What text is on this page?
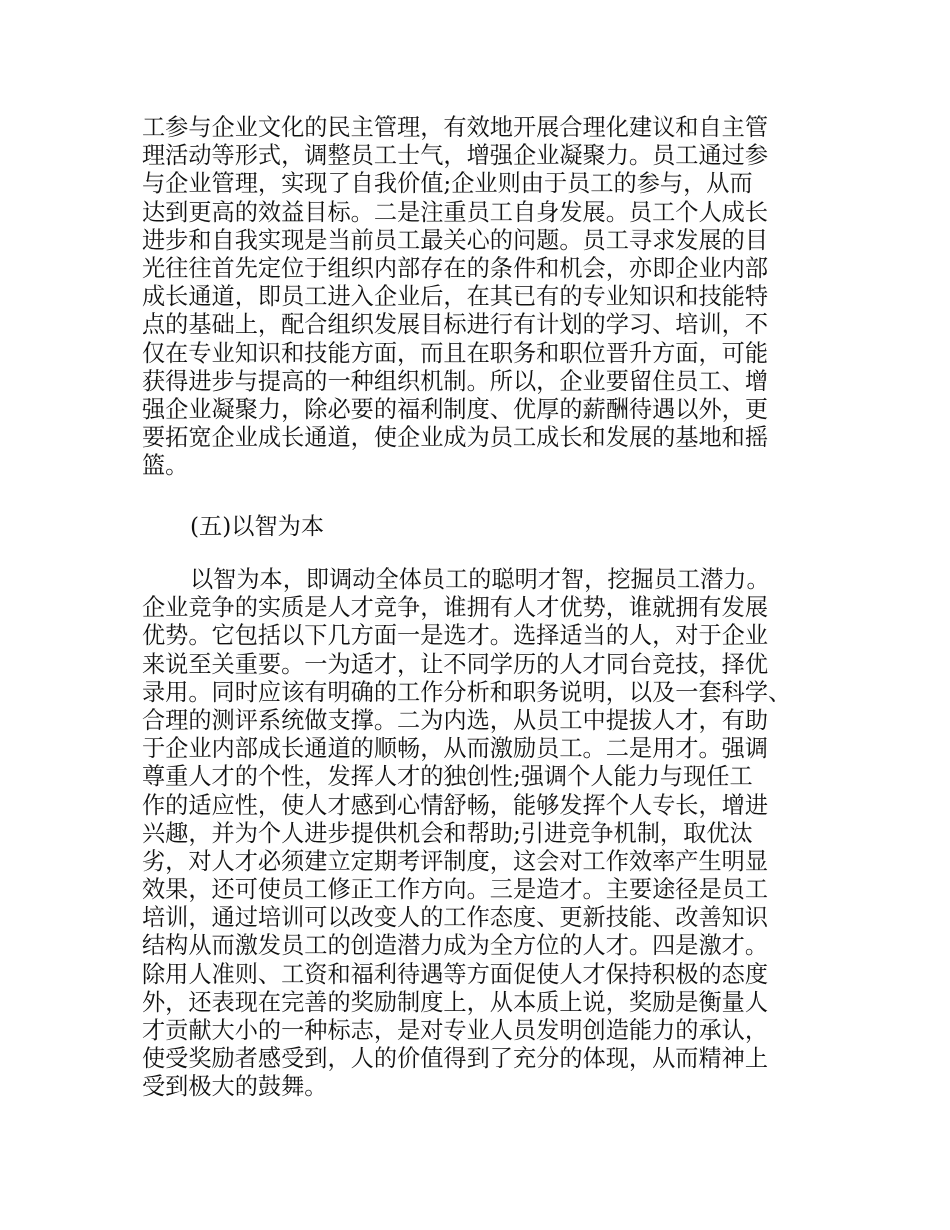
工参与企业文化的民主管理，有效地开展合理化建议和自主管
理活动等形式，调整员工士气，增强企业凝聚力。员工通过参
与企业管理，实现了自我价值;企业则由于员工的参与，从而
达到更高的效益目标。二是注重员工自身发展。员工个人成长
进步和自我实现是当前员工最关心的问题。员工寻求发展的目
光往往首先定位于组织内部存在的条件和机会，亦即企业内部
成长通道，即员工进入企业后，在其已有的专业知识和技能特
点的基础上，配合组织发展目标进行有计划的学习、培训，不
仅在专业知识和技能方面，而且在职务和职位晋升方面，可能
获得进步与提高的一种组织机制。所以，企业要留住员工、增
强企业凝聚力，除必要的福利制度、优厚的薪酬待遇以外，更
要拓宽企业成长通道，使企业成为员工成长和发展的基地和摇
篮。
(五)以智为本
以智为本，即调动全体员工的聪明才智，挖掘员工潜力。
企业竞争的实质是人才竞争，谁拥有人才优势，谁就拥有发展
优势。它包括以下几方面一是选才。选择适当的人，对于企业
来说至关重要。一为适才，让不同学历的人才同台竞技，择优
录用。同时应该有明确的工作分析和职务说明，以及一套科学、
合理的测评系统做支撑。二为内选，从员工中提拔人才，有助
于企业内部成长通道的顺畅，从而激励员工。二是用才。强调
尊重人才的个性，发挥人才的独创性;强调个人能力与现任工
作的适应性，使人才感到心情舒畅，能够发挥个人专长，增进
兴趣，并为个人进步提供机会和帮助;引进竞争机制，取优汰
劣，对人才必须建立定期考评制度，这会对工作效率产生明显
效果，还可使员工修正工作方向。三是造才。主要途径是员工
培训，通过培训可以改变人的工作态度、更新技能、改善知识
结构从而激发员工的创造潜力成为全方位的人才。四是激才。
除用人准则、工资和福利待遇等方面促使人才保持积极的态度
外，还表现在完善的奖励制度上，从本质上说，奖励是衡量人
才贡献大小的一种标志，是对专业人员发明创造能力的承认，
使受奖励者感受到，人的价值得到了充分的体现，从而精神上
受到极大的鼓舞。
